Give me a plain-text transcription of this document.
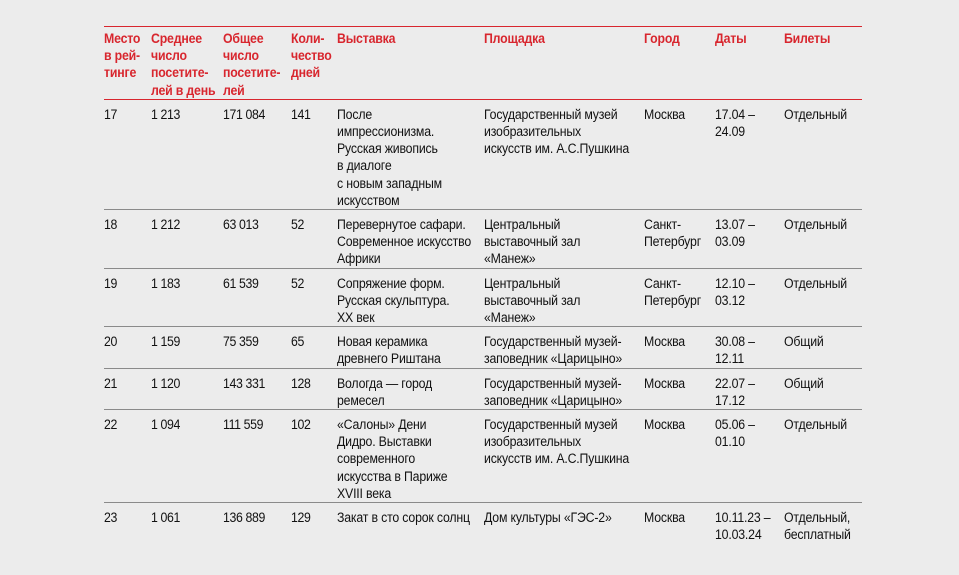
Место
в рей-
тинге	Среднее
число
посетите-
лей в день	Общее
число
посетите-
лей	Коли-
чество
дней	Выставка	Площадка	Город	Даты	Билеты

17	1 213	171 084	141	После импрессионизма.
Русская живопись
в диалоге
с новым западным
искусством	Государственный музей
изобразительных
искусств им. А.С.Пушкина	Москва	17.04 –
24.09	Отдельный

18	1 212	63 013	52	Перевернутое сафари.
Современное искусство
Африки	Центральный
выставочный зал
«Манеж»	Санкт-
Петербург	13.07 –
03.09	Отдельный

19	1 183	61 539	52	Сопряжение форм.
Русская скульптура.
XX век	Центральный
выставочный зал
«Манеж»	Санкт-
Петербург	12.10 –
03.12	Отдельный

20	1 159	75 359	65	Новая керамика
древнего Риштана	Государственный музей-
заповедник «Царицыно»	Москва	30.08 –
12.11	Общий

21	1 120	143 331	128	Вологда — город
ремесел	Государственный музей-
заповедник «Царицыно»	Москва	22.07 –
17.12	Общий

22	1 094	111 559	102	«Салоны» Дени
Дидро. Выставки
современного
искусства в Париже
XVIII века	Государственный музей
изобразительных
искусств им. А.С.Пушкина	Москва	05.06 –
01.10	Отдельный

23	1 061	136 889	129	Закат в сто сорок солнц	Дом культуры «ГЭС-2»	Москва	10.11.23 –
10.03.24	Отдельный,
бесплатный
